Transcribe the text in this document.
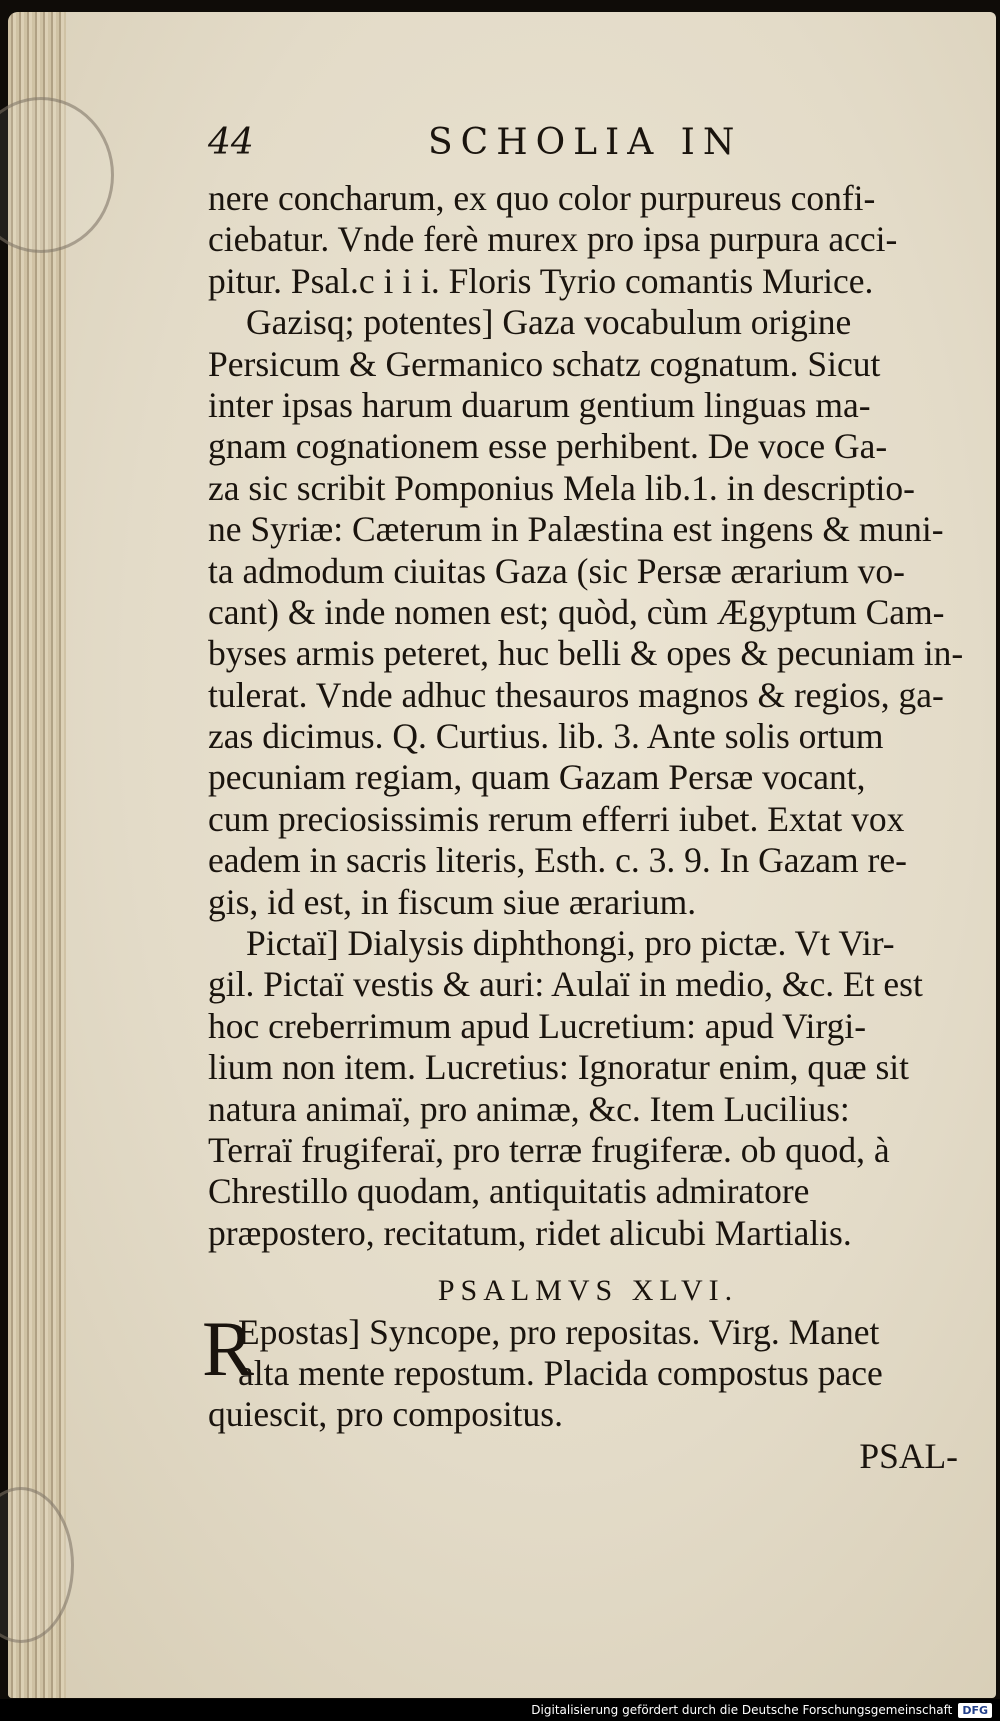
44	SCHOLIA IN
nere concharum, ex quo color purpureus confi-
ciebatur. Vnde ferè murex pro ipsa purpura acci-
pitur. Psal.c i i i. Floris Tyrio comantis Murice.
Gazisq; potentes] Gaza vocabulum origine
Persicum & Germanico schatz cognatum. Sicut
inter ipsas harum duarum gentium linguas ma-
gnam cognationem esse perhibent. De voce Ga-
za sic scribit Pomponius Mela lib.1. in descriptio-
ne Syriæ: Cæterum in Palæstina est ingens & muni-
ta admodum ciuitas Gaza (sic Persæ ærarium vo-
cant) & inde nomen est; quòd, cùm Ægyptum Cam-
byses armis peteret, huc belli & opes & pecuniam in-
tulerat. Vnde adhuc thesauros magnos & regios, ga-
zas dicimus. Q. Curtius. lib. 3. Ante solis ortum
pecuniam regiam, quam Gazam Persæ vocant,
cum preciosissimis rerum efferri iubet. Extat vox
eadem in sacris literis, Esth. c. 3. 9. In Gazam re-
gis, id est, in fiscum siue ærarium.
Pictaï] Dialysis diphthongi, pro pictæ. Vt Vir-
gil. Pictaï vestis & auri: Aulaï in medio, &c. Et est
hoc creberrimum apud Lucretium: apud Virgi-
lium non item. Lucretius: Ignoratur enim, quæ sit
natura animaï, pro animæ, &c. Item Lucilius:
Terraï frugiferaï, pro terræ frugiferæ. ob quod, à
Chrestillo quodam, antiquitatis admiratore
præpostero, recitatum, ridet alicubi Martialis.
PSALMVS XLVI.
R
Epostas] Syncope, pro repositas. Virg. Manet
alta mente repostum. Placida compostus pace
quiescit, pro compositus.
PSAL-
Digitalisierung gefördert durch die Deutsche Forschungsgemeinschaft DFG
